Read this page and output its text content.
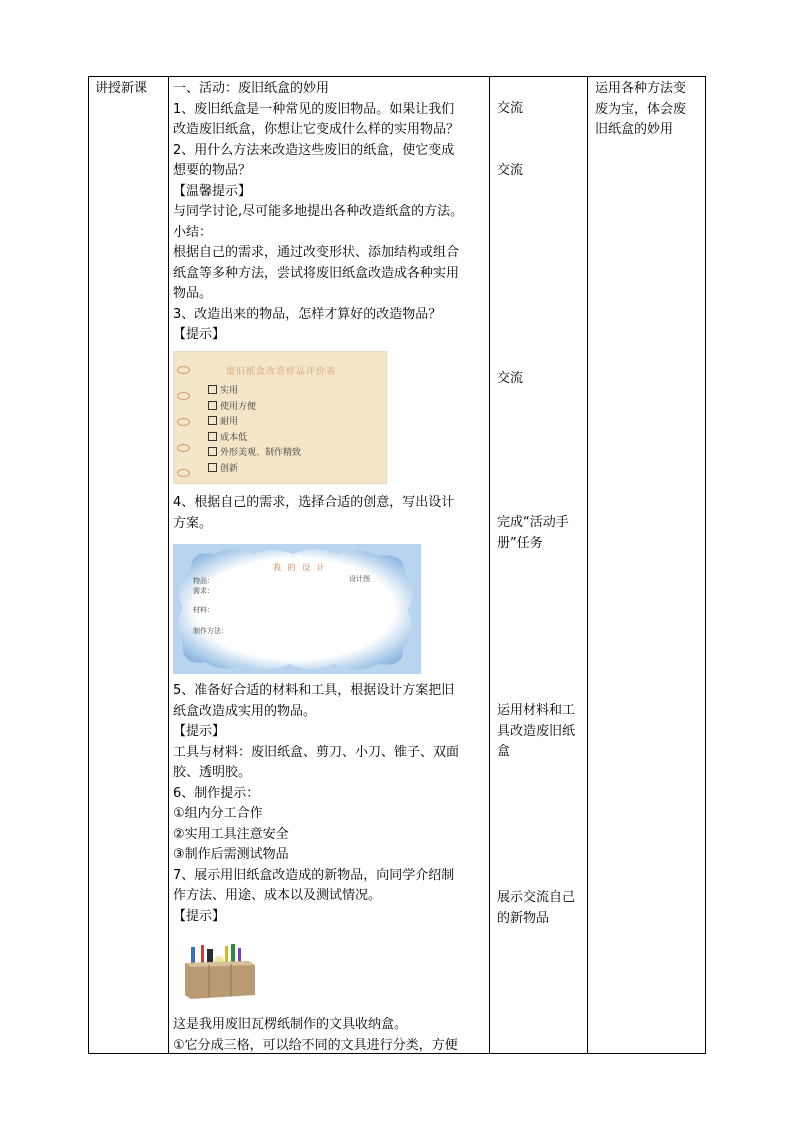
讲授新课	一、活动：废旧纸盒的妙用
1、废旧纸盒是一种常见的废旧物品。如果让我们
改造废旧纸盒，你想让它变成什么样的实用物品？
2、用什么方法来改造这些废旧的纸盒，使它变成
想要的物品？
【温馨提示】
与同学讨论,尽可能多地提出各种改造纸盒的方法。
小结：
根据自己的需求，通过改变形状、添加结构或组合
纸盒等多种方法，尝试将废旧纸盒改造成各种实用
物品。
3、改造出来的物品，怎样才算好的改造物品？
【提示】
废旧纸盒改造样品评价表
实用
使用方便
耐用
成本低
外形美观、制作精致
创新
4、根据自己的需求，选择合适的创意，写出设计
方案。
我 的 设 计
设计图
物品：
需求：
材料：
制作方法：
5、准备好合适的材料和工具，根据设计方案把旧
纸盒改造成实用的物品。
【提示】
工具与材料：废旧纸盒、剪刀、小刀、锥子、双面
胶、透明胶。
6、制作提示：
①组内分工合作
②实用工具注意安全
③制作后需测试物品
7、展示用旧纸盒改造成的新物品，向同学介绍制
作方法、用途、成本以及测试情况。
【提示】
这是我用废旧瓦楞纸制作的文具收纳盒。
①它分成三格，可以给不同的文具进行分类，方便
交流
交流
交流
完成“活动手
册”任务
运用材料和工
具改造废旧纸
盒
展示交流自己
的新物品
运用各种方法变
废为宝，体会废
旧纸盒的妙用
